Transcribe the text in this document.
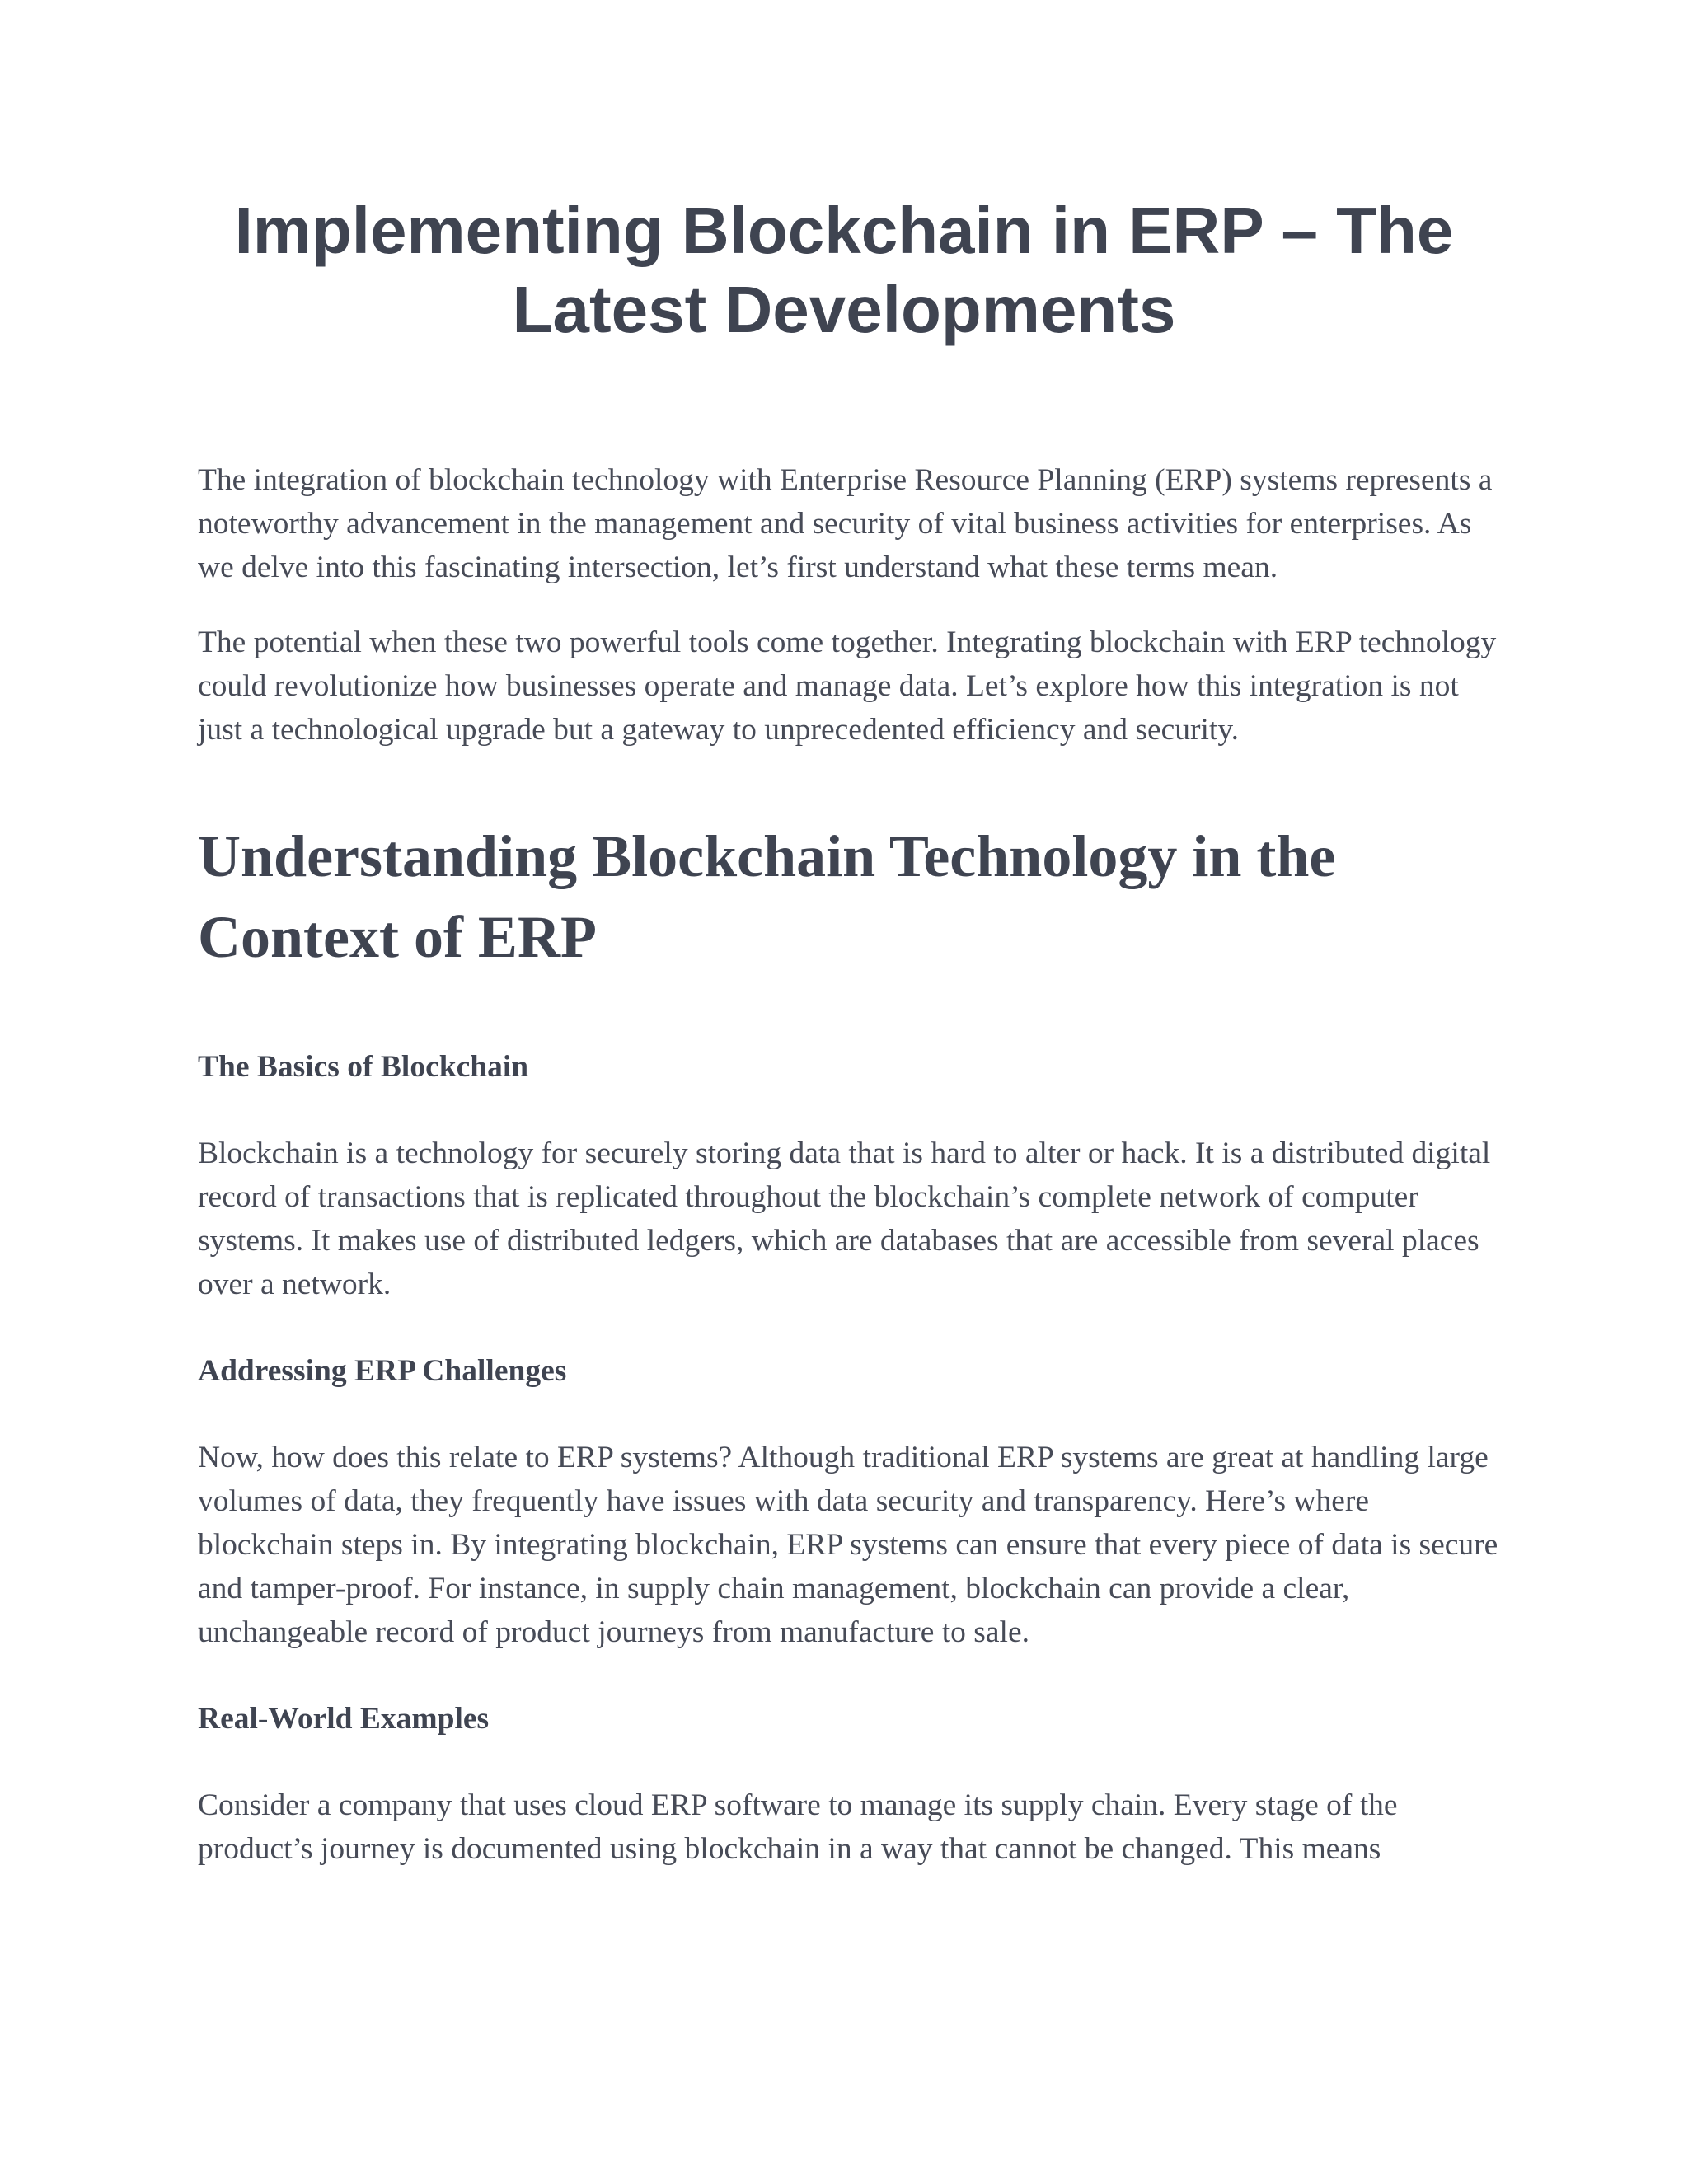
Implementing Blockchain in ERP – The Latest Developments

The integration of blockchain technology with Enterprise Resource Planning (ERP) systems represents a noteworthy advancement in the management and security of vital business activities for enterprises. As we delve into this fascinating intersection, let’s first understand what these terms mean.

The potential when these two powerful tools come together. Integrating blockchain with ERP technology could revolutionize how businesses operate and manage data. Let’s explore how this integration is not just a technological upgrade but a gateway to unprecedented efficiency and security.

Understanding Blockchain Technology in the Context of ERP
The Basics of Blockchain

Blockchain is a technology for securely storing data that is hard to alter or hack. It is a distributed digital record of transactions that is replicated throughout the blockchain’s complete network of computer systems. It makes use of distributed ledgers, which are databases that are accessible from several places over a network.

Addressing ERP Challenges

Now, how does this relate to ERP systems? Although traditional ERP systems are great at handling large volumes of data, they frequently have issues with data security and transparency. Here’s where blockchain steps in. By integrating blockchain, ERP systems can ensure that every piece of data is secure and tamper-proof. For instance, in supply chain management, blockchain can provide a clear, unchangeable record of product journeys from manufacture to sale.

Real-World Examples

Consider a company that uses cloud ERP software to manage its supply chain. Every stage of the product’s journey is documented using blockchain in a way that cannot be changed. This means
